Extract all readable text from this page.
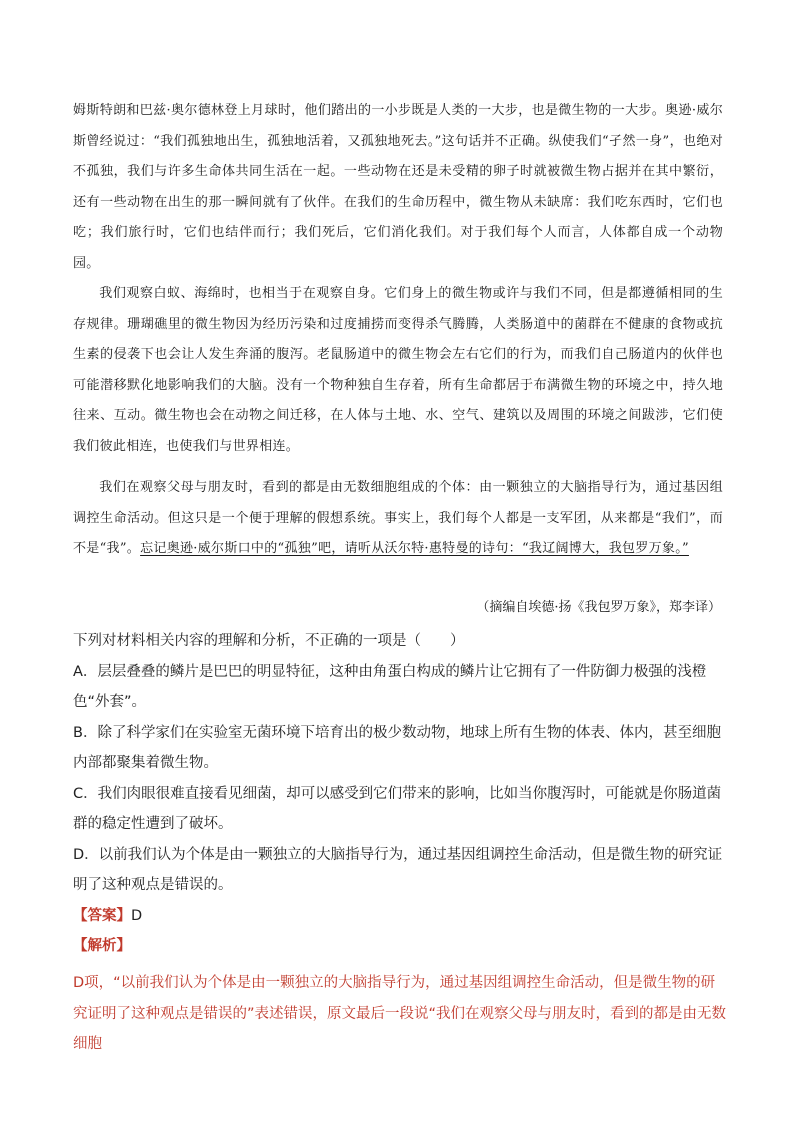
姆斯特朗和巴兹·奥尔德林登上月球时，他们踏出的一小步既是人类的一大步，也是微生物的一大步。奥逊·威尔斯曾经说过：“我们孤独地出生，孤独地活着，又孤独地死去。”这句话并不正确。纵使我们“孑然一身”，也绝对不孤独，我们与许多生命体共同生活在一起。一些动物在还是未受精的卵子时就被微生物占据并在其中繁衍，还有一些动物在出生的那一瞬间就有了伙伴。在我们的生命历程中，微生物从未缺席：我们吃东西时，它们也吃；我们旅行时，它们也结伴而行；我们死后，它们消化我们。对于我们每个人而言，人体都自成一个动物园。
我们观察白蚁、海绵时，也相当于在观察自身。它们身上的微生物或许与我们不同，但是都遵循相同的生存规律。珊瑚礁里的微生物因为经历污染和过度捕捞而变得杀气腾腾，人类肠道中的菌群在不健康的食物或抗生素的侵袭下也会让人发生奔涌的腹泻。老鼠肠道中的微生物会左右它们的行为，而我们自己肠道内的伙伴也可能潜移默化地影响我们的大脑。没有一个物种独自生存着，所有生命都居于布满微生物的环境之中，持久地往来、互动。微生物也会在动物之间迁移，在人体与土地、水、空气、建筑以及周围的环境之间跋涉，它们使我们彼此相连，也使我们与世界相连。
我们在观察父母与朋友时，看到的都是由无数细胞组成的个体：由一颗独立的大脑指导行为，通过基因组调控生命活动。但这只是一个便于理解的假想系统。事实上，我们每个人都是一支军团，从来都是“我们”，而不是“我”。忘记奥逊·威尔斯口中的“孤独”吧，请听从沃尔特·惠特曼的诗句：“我辽阔博大，我包罗万象。”
（摘编自埃德·扬《我包罗万象》，郑李译）
下列对材料相关内容的理解和分析，不正确的一项是（　　）
A．层层叠叠的鳞片是巴巴的明显特征，这种由角蛋白构成的鳞片让它拥有了一件防御力极强的浅橙色“外套”。
B．除了科学家们在实验室无菌环境下培育出的极少数动物，地球上所有生物的体表、体内，甚至细胞内部都聚集着微生物。
C．我们肉眼很难直接看见细菌，却可以感受到它们带来的影响，比如当你腹泻时，可能就是你肠道菌群的稳定性遭到了破坏。
D．以前我们认为个体是由一颗独立的大脑指导行为，通过基因组调控生命活动，但是微生物的研究证明了这种观点是错误的。
【答案】D
【解析】
D项，“以前我们认为个体是由一颗独立的大脑指导行为，通过基因组调控生命活动，但是微生物的研究证明了这种观点是错误的”表述错误，原文最后一段说“我们在观察父母与朋友时，看到的都是由无数细胞
